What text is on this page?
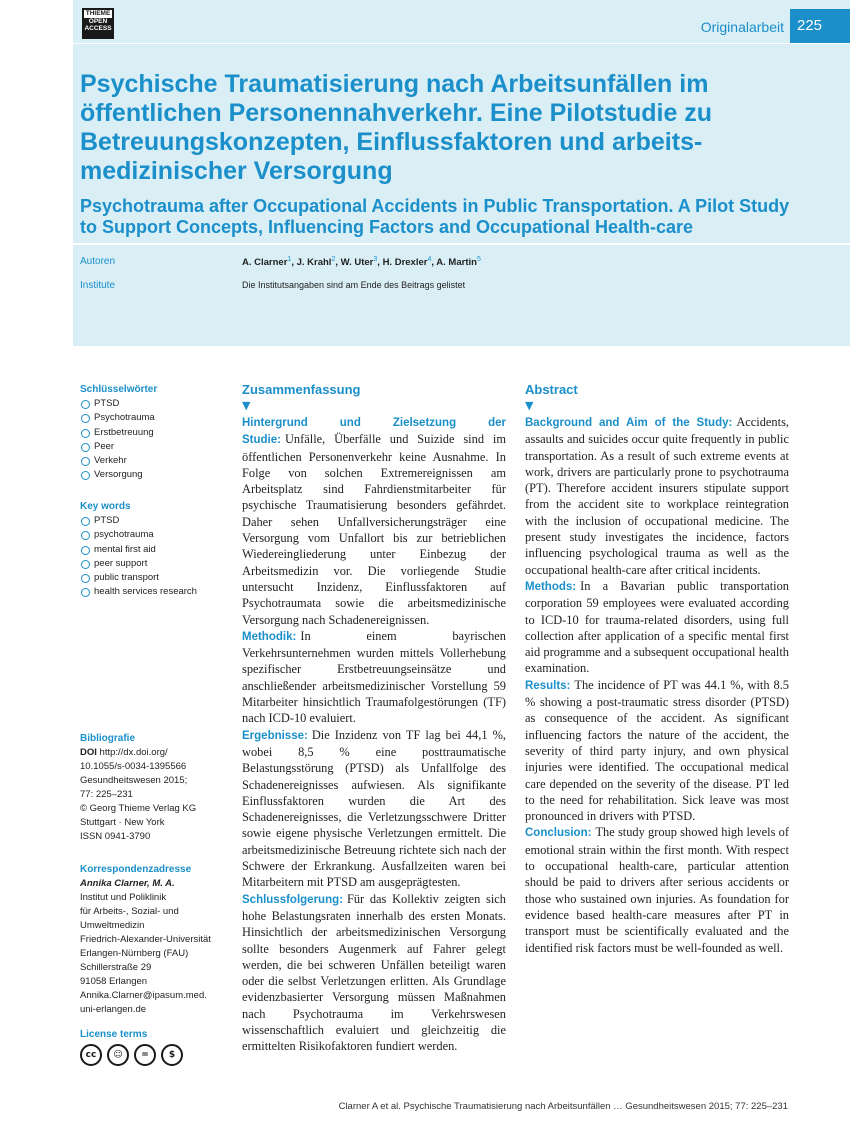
THIEME
OPEN
ACCESS	Originalarbeit 225
Psychische Traumatisierung nach Arbeitsunfällen im öffentlichen Personennahverkehr. Eine Pilotstudie zu Betreuungskonzepten, Einflussfaktoren und arbeitsmedizinischer Versorgung
Psychotrauma after Occupational Accidents in Public Transportation. A Pilot Study to Support Concepts, Influencing Factors and Occupational Health-care
Autoren	A. Clarner$^1$, J. Krahl$^2$, W. Uter$^3$, H. Drexler$^4$, A. Martin$^5$
Institute	Die Institutsangaben sind am Ende des Beitrags gelistet
Schlüsselwörter
PTSD
Psychotrauma
Erstbetreuung
Peer
Verkehr
Versorgung
Key words
PTSD
psychotrauma
mental first aid
peer support
public transport
health services research
Bibliografie
DOI http://dx.doi.org/
10.1055/s-0034-1395566
Gesundheitswesen 2015;
77: 225–231
© Georg Thieme Verlag KG
Stuttgart · New York
ISSN 0941-3790
Korrespondenzadresse
Annika Clarner, M. A.
Institut und Poliklinik
für Arbeits-, Sozial- und
Umweltmedizin
Friedrich-Alexander-Universität
Erlangen-Nürnberg (FAU)
Schillerstraße 29
91058 Erlangen
Annika.Clarner@ipasum.med.
uni-erlangen.de
License terms
cc	☺	=	$
Zusammenfassung
▼

Hintergrund und Zielsetzung der Studie: Unfälle, Überfälle und Suizide sind im öffentlichen Personenverkehr keine Ausnahme. In Folge von solchen Extremereignissen am Arbeitsplatz sind Fahrdienstmitarbeiter für psychische Traumatisierung besonders gefährdet. Daher sehen Unfallversicherungsträger eine Versorgung vom Unfallort bis zur betrieblichen Wiedereingliederung unter Einbezug der Arbeitsmedizin vor. Die vorliegende Studie untersucht Inzidenz, Einflussfaktoren auf Psychotraumata sowie die arbeitsmedizinische Versorgung nach Schadenereignissen.

Methodik: In einem bayrischen Verkehrsunternehmen wurden mittels Vollerhebung spezifischer Erstbetreuungseinsätze und anschließender arbeitsmedizinischer Vorstellung 59 Mitarbeiter hinsichtlich Traumafolgestörungen (TF) nach ICD-10 evaluiert.

Ergebnisse: Die Inzidenz von TF lag bei 44,1 %, wobei 8,5 % eine posttraumatische Belastungsstörung (PTSD) als Unfallfolge des Schadenereignisses aufwiesen. Als signifikante Einflussfaktoren wurden die Art des Schadenereignisses, die Verletzungsschwere Dritter sowie eigene physische Verletzungen ermittelt. Die arbeitsmedizinische Betreuung richtete sich nach der Schwere der Erkrankung. Ausfallzeiten waren bei Mitarbeitern mit PTSD am ausgeprägtesten.

Schlussfolgerung: Für das Kollektiv zeigten sich hohe Belastungsraten innerhalb des ersten Monats. Hinsichtlich der arbeitsmedizinischen Versorgung sollte besonders Augenmerk auf Fahrer gelegt werden, die bei schweren Unfällen beteiligt waren oder die selbst Verletzungen erlitten. Als Grundlage evidenzbasierter Versorgung müssen Maßnahmen nach Psychotrauma im Verkehrswesen wissenschaftlich evaluiert und gleichzeitig die ermittelten Risikofaktoren fundiert werden.

Abstract
▼

Background and Aim of the Study: Accidents, assaults and suicides occur quite frequently in public transportation. As a result of such extreme events at work, drivers are particularly prone to psychotrauma (PT). Therefore accident insurers stipulate support from the accident site to workplace reintegration with the inclusion of occupational medicine. The present study investigates the incidence, factors influencing psychological trauma as well as the occupational health-care after critical incidents.

Methods: In a Bavarian public transportation corporation 59 employees were evaluated according to ICD-10 for trauma-related disorders, using full collection after application of a specific mental first aid programme and a subsequent occupational health examination.

Results: The incidence of PT was 44.1 %, with 8.5 % showing a post-traumatic stress disorder (PTSD) as consequence of the accident. As significant influencing factors the nature of the accident, the severity of third party injury, and own physical injuries were identified. The occupational medical care depended on the severity of the disease. PT led to the need for rehabilitation. Sick leave was most pronounced in drivers with PTSD.

Conclusion: The study group showed high levels of emotional strain within the first month. With respect to occupational health-care, particular attention should be paid to drivers after serious accidents or those who sustained own injuries. As foundation for evidence based health-care measures after PT in transport must be scientifically evaluated and the identified risk factors must be well-founded as well.

Clarner A et al. Psychische Traumatisierung nach Arbeitsunfällen … Gesundheitswesen 2015; 77: 225–231
